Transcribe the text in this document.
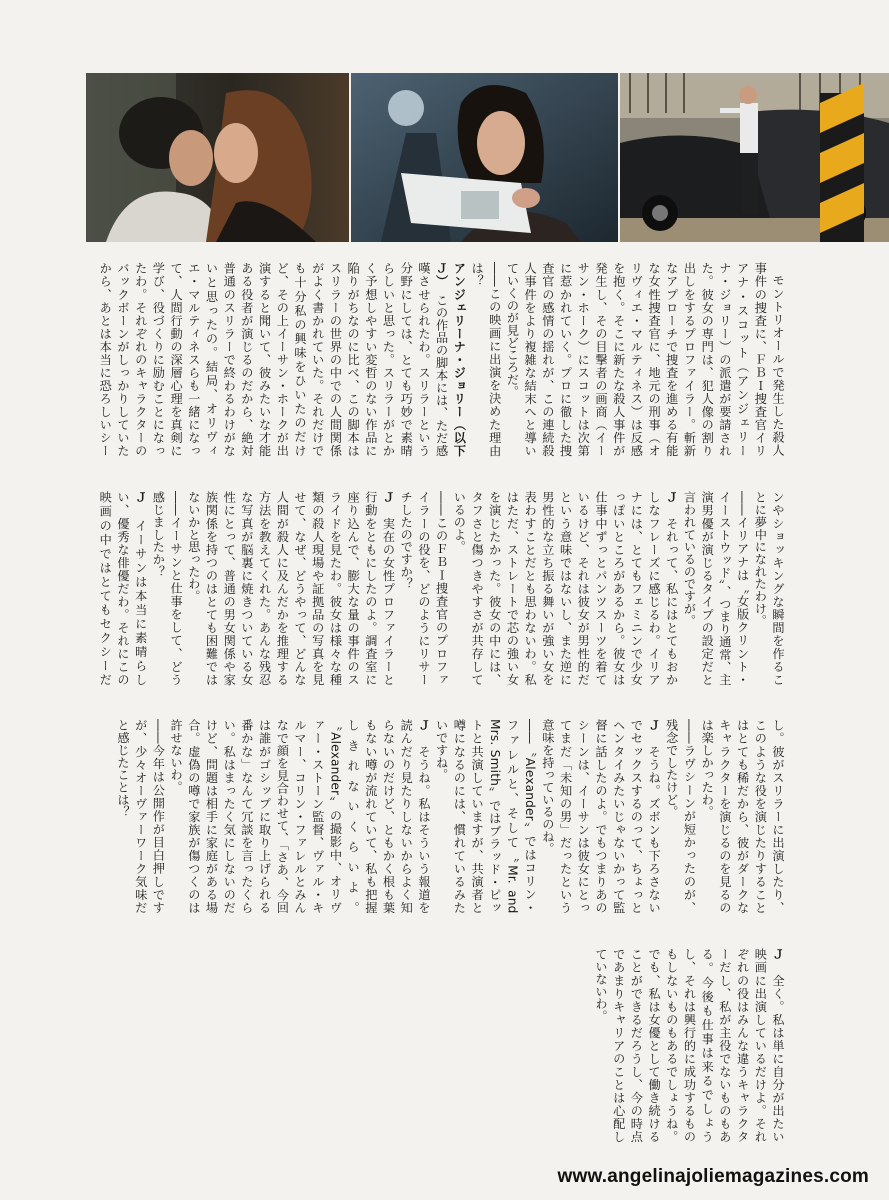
モントリオールで発生した殺人事件の捜査に、ＦＢＩ捜査官イリアナ・スコット（アンジェリーナ・ジョリー）の派遣が要請された。彼女の専門は、犯人像の割り出しをするプロファイラー。斬新なアプローチで捜査を進める有能な女性捜査官に、地元の刑事（オリヴィエ・マルティネス）は反感を抱く。そこに新たな殺人事件が発生し、その目撃者の画商（イーサン・ホーク）にスコットは次第に惹かれていく。プロに徹した捜査官の感情の揺れが、この連続殺人事件をより複雑な結末へと導いていくのが見どころだ。

――この映画に出演を決めた理由は？

アンジェリーナ・ジョリー（以下Ｊ）　この作品の脚本には、ただ感嘆させられたわ。スリラーという分野にしては、とても巧妙で素晴らしいと思った。スリラーがとかく予想しやすい変哲のない作品に陥りがちなのに比べ、この脚本はスリラーの世界の中での人間関係がよく書かれていた。それだけでも十分私の興味をひいたのだけど、その上イーサン・ホークが出演すると聞いて、彼みたいな才能ある役者が演じるのだから、絶対普通のスリラーで終わるわけがないと思ったの。結局、オリヴィエ・マルティネスらも一緒になって、人間行動の深層心理を真剣に学び、役づくりに励むことになったわ。それぞれのキャラクターのバックボーンがしっかりしていたから、あとは本当に恐ろしいシーンやショッキングな瞬間を作ることに夢中になれたわけ。

――イリアナは〝女版クリント・イーストウッド〟、つまり通常、主演男優が演じるタイプの設定だと言われているのですが。

Ｊ　それって、私にはとてもおかしなフレーズに感じるわ。イリアナには、とてもフェミニンで少女っぽいところがあるから。彼女は仕事中ずっとパンツスーツを着ているけど、それは彼女が男性的だという意味ではないし、また逆に男性的な立ち振る舞いが強い女を表わすことだとも思わないわ。私はただ、ストレートで芯の強い女を演じたかった。彼女の中には、タフさと傷つきやすさが共存しているのよ。

――このＦＢＩ捜査官のプロファイラーの役を、どのようにリサーチしたのですか？

Ｊ　実在の女性プロファイラーと行動をともにしたのよ。調査室に座り込んで、膨大な量の事件のスライドを見たわ。彼女は様々な種類の殺人現場や証拠品の写真を見せて、なぜ、どうやって、どんな人間が殺人に及んだかを推理する方法を教えてくれた。あんな残忍な写真が脳裏に焼きついている女性にとって、普通の男女関係や家族関係を持つのはとても困難ではないかと思ったわ。

――イーサンと仕事をして、どう感じましたか？

Ｊ　イーサンは本当に素晴らしい、優秀な俳優だわ。それにこの映画の中ではとてもセクシーだし。彼がスリラーに出演したり、このような役を演じたりすることはとても稀だから、彼がダークなキャラクターを演じるのを見るのは楽しかったわ。

――ラヴシーンが短かったのが、残念でしたけど。

Ｊ　そうね。ズボンも下ろさないでセックスするのって、ちょっとヘンタイみたいじゃないかって監督に話したのよ。でもつまりあのシーンは、イーサンは彼女にとってまだ「未知の男」だったという意味を持っているのね。

――〝Alexander〟ではコリン・ファレルと、そして〝Mr. and Mrs. Smith〟ではブラッド・ピットと共演していますが、共演者と噂になるのには、慣れているみたいですね。

Ｊ　そうね。私はそういう報道を読んだり見たりしないからよく知らないのだけど、ともかく根も葉もない噂が流れていて、私も把握しきれないくらいよ。〝Alexander〟の撮影中、オリヴァー・ストーン監督、ヴァル・キルマー、コリン・ファレルとみんなで顔を見合わせて、「さあ、今回は誰がゴシップに取り上げられる番かな」なんて冗談を言ったくらい。私はまったく気にしないのだけど、問題は相手に家庭がある場合。虚偽の噂で家族が傷つくのは許せないわ。

――今年は公開作が目白押しですが、少々オーヴァーワーク気味だと感じたことは？

Ｊ　全く。私は単に自分が出たい映画に出演しているだけよ。それぞれの役はみんな違うキャラクターだし、私が主役でないものもある。今後も仕事は来るでしょうし、それは興行的に成功するものもしないものもあるでしょうね。でも、私は女優として働き続けることができるだろうし、今の時点であまりキャリアのことは心配していないわ。

www.angelinajoliemagazines.com
